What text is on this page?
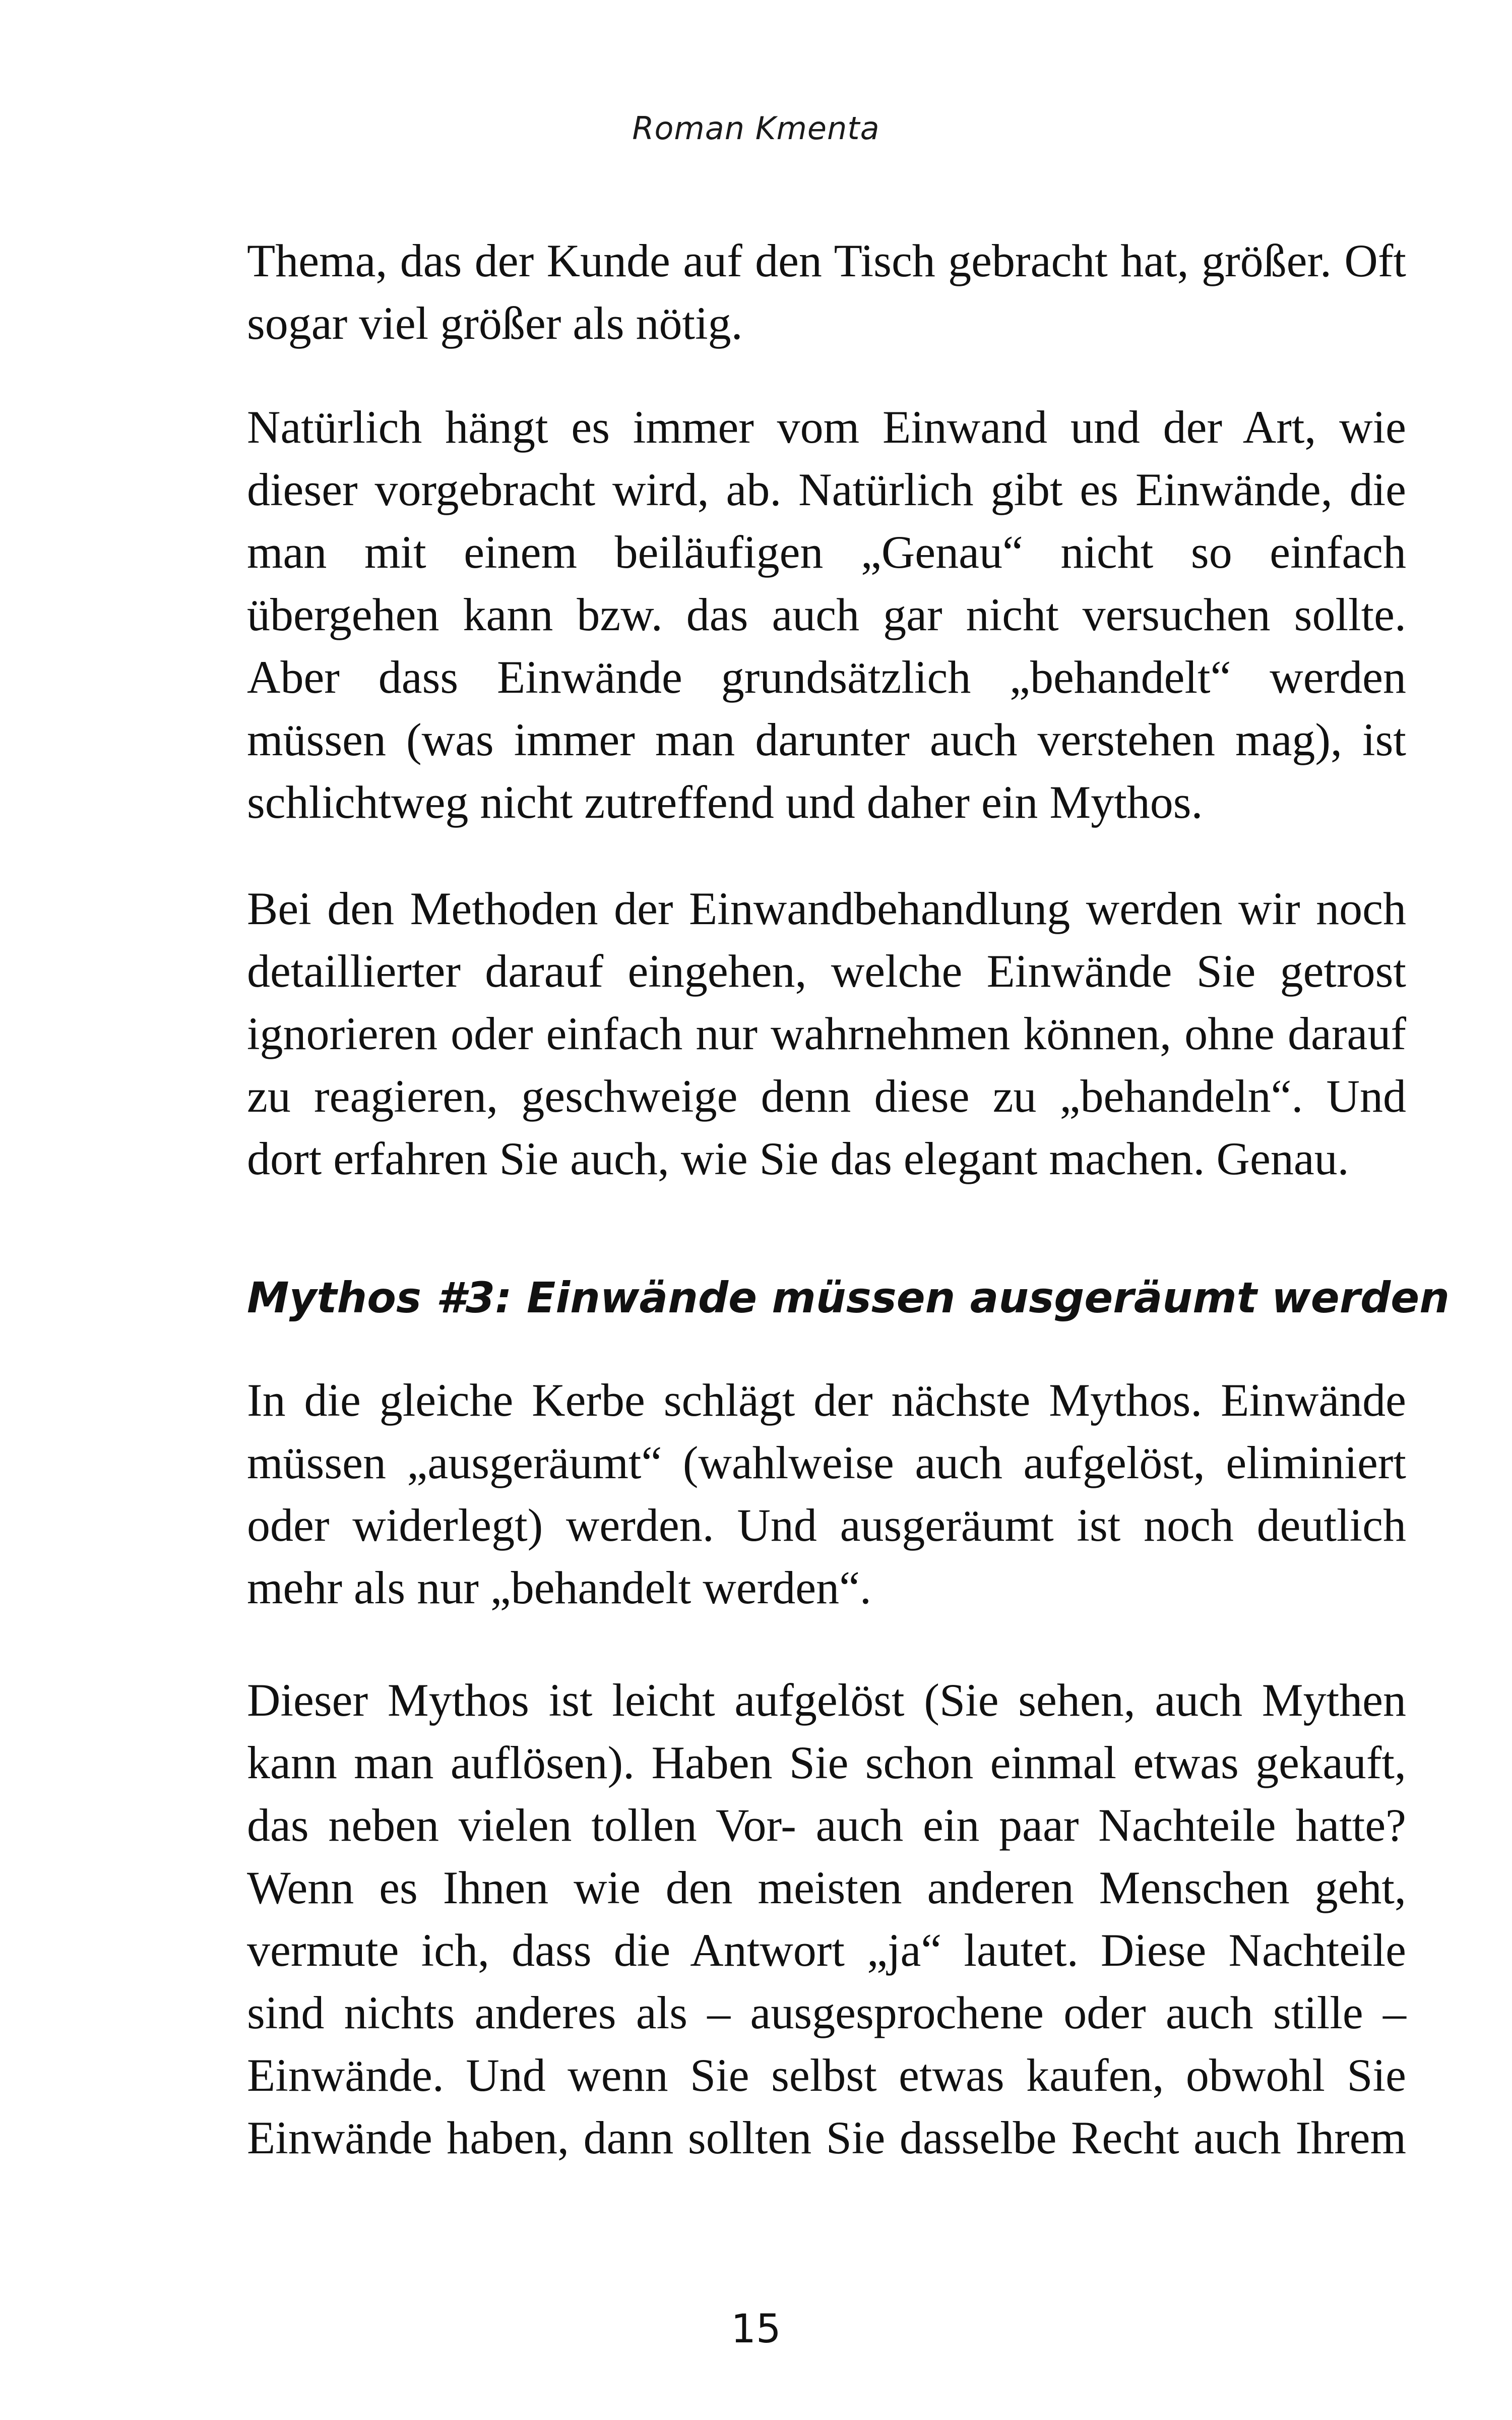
Roman Kmenta
Thema, das der Kunde auf den Tisch gebracht hat, größer. Oft
sogar viel größer als nötig.
Natürlich hängt es immer vom Einwand und der Art, wie
dieser vorgebracht wird, ab. Natürlich gibt es Einwände, die
man mit einem beiläufigen „Genau“ nicht so einfach
übergehen kann bzw. das auch gar nicht versuchen sollte.
Aber dass Einwände grundsätzlich „behandelt“ werden
müssen (was immer man darunter auch verstehen mag), ist
schlichtweg nicht zutreffend und daher ein Mythos.
Bei den Methoden der Einwandbehandlung werden wir noch
detaillierter darauf eingehen, welche Einwände Sie getrost
ignorieren oder einfach nur wahrnehmen können, ohne darauf
zu reagieren, geschweige denn diese zu „behandeln“. Und
dort erfahren Sie auch, wie Sie das elegant machen. Genau.
Mythos #3: Einwände müssen ausgeräumt werden
In die gleiche Kerbe schlägt der nächste Mythos. Einwände
müssen „ausgeräumt“ (wahlweise auch aufgelöst, eliminiert
oder widerlegt) werden. Und ausgeräumt ist noch deutlich
mehr als nur „behandelt werden“.
Dieser Mythos ist leicht aufgelöst (Sie sehen, auch Mythen
kann man auflösen). Haben Sie schon einmal etwas gekauft,
das neben vielen tollen Vor- auch ein paar Nachteile hatte?
Wenn es Ihnen wie den meisten anderen Menschen geht,
vermute ich, dass die Antwort „ja“ lautet. Diese Nachteile
sind nichts anderes als – ausgesprochene oder auch stille –
Einwände. Und wenn Sie selbst etwas kaufen, obwohl Sie
Einwände haben, dann sollten Sie dasselbe Recht auch Ihrem
15
